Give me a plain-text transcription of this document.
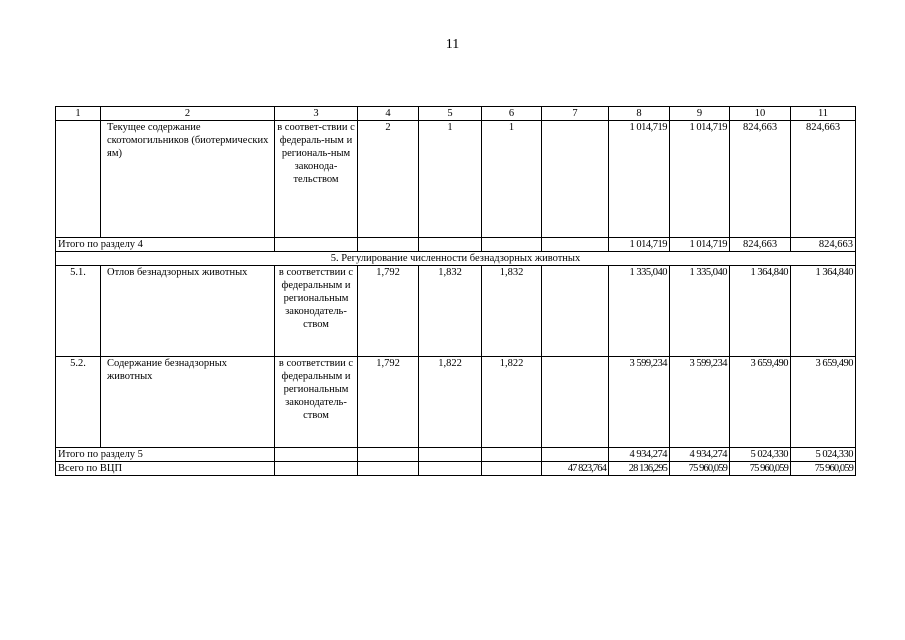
11
1	2	3	4	5	6	7	8	9	10	11
	Текущее содержание скотомогильников (биотермических ям)	в соответ-ствии с федераль-ным и региональ-ным законода-тельством	2	1	1		1 014,719	1 014,719	824,663	824,663
Итого по разделу 4							1 014,719	1 014,719	824,663	824,663
5. Регулирование численности безнадзорных животных										
5.1.	Отлов безнадзорных животных	в соответствии с федеральным и региональным законодатель-ством	1,792	1,832	1,832		1 335,040	1 335,040	1 364,840	1 364,840
5.2.	Содержание безнадзорных животных	в соответствии с федеральным и региональным законодатель-ством	1,792	1,822	1,822		3 599,234	3 599,234	3 659,490	3 659,490
Итого по разделу 5							4 934,274	4 934,274	5 024,330	5 024,330
Всего по ВЦП						47 823,764	28 136,295	75 960,059	75 960,059	75 960,059
